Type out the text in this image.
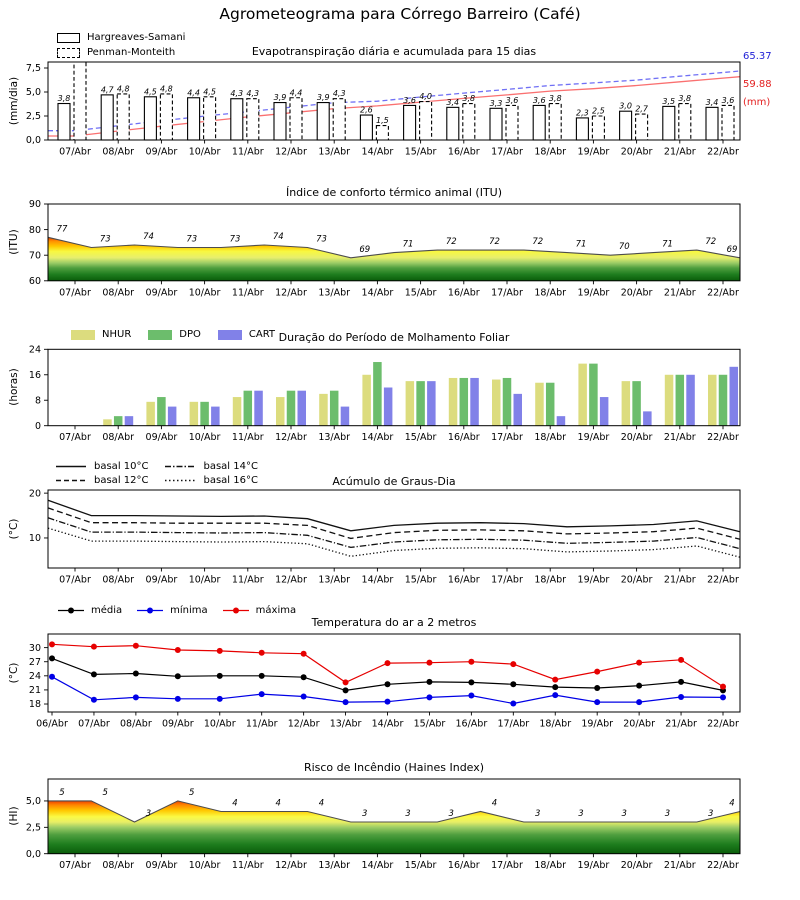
3,8
4,7	4,5	4,4	4,3	3,9	3,9
2,6
3,6	3,4	3,3	3,6
2,3
3,0
3,5	3,4
4,8	4,8	4,5	4,3	4,4	4,3
1,5
4,0	3,8	3,6	3,8
2,5	2,7
3,8	3,6
0,0
2,5
5,0
7,5
07/Abr 08/Abr 09/Abr 10/Abr 11/Abr 12/Abr 13/Abr 14/Abr 15/Abr 16/Abr 17/Abr 18/Abr 19/Abr 20/Abr 21/Abr 22/Abr
77
73	74	73	73	74	73
69
71	72	72	72	71	70	71	72
69
60
70
80
90
07/Abr 08/Abr 09/Abr 10/Abr 11/Abr 12/Abr 13/Abr 14/Abr 15/Abr 16/Abr 17/Abr 18/Abr 19/Abr 20/Abr 21/Abr 22/Abr
0
8
16
24
07/Abr 08/Abr 09/Abr 10/Abr 11/Abr 12/Abr 13/Abr 14/Abr 15/Abr 16/Abr 17/Abr 18/Abr 19/Abr 20/Abr 21/Abr 22/Abr
10
20
07/Abr 08/Abr 09/Abr 10/Abr 11/Abr 12/Abr 13/Abr 14/Abr 15/Abr 16/Abr 17/Abr 18/Abr 19/Abr 20/Abr 21/Abr 22/Abr
18
21
24
27
30
06/Abr 07/Abr 08/Abr 09/Abr 10/Abr 11/Abr 12/Abr 13/Abr 14/Abr 15/Abr 16/Abr 17/Abr 18/Abr 19/Abr 20/Abr 21/Abr 22/Abr
5	5
3
5
4	4	4
3	3	3
4
3	3	3	3	3
4
0,0
2,5
5,0
07/Abr 08/Abr 09/Abr 10/Abr 11/Abr 12/Abr 13/Abr 14/Abr 15/Abr 16/Abr 17/Abr 18/Abr 19/Abr 20/Abr 21/Abr 22/Abr
Agrometeograma para Córrego Barreiro (Café)
Evapotranspiração diária e acumulada para 15 dias
Índice de conforto térmico animal (ITU)
Duração do Período de Molhamento Foliar
Acúmulo de Graus-Dia
Temperatura do ar a 2 metros
Risco de Incêndio (Haines Index)
(mm/dia)
(ITU)
(horas)
(°C)
(°C)
(HI)
65.37
59.88
(mm)
Hargreaves-Samani
Penman-Monteith
NHUR	DPO	CART
basal 10°C
basal 12°C
basal 14°C
basal 16°C
média	mínima	máxima
